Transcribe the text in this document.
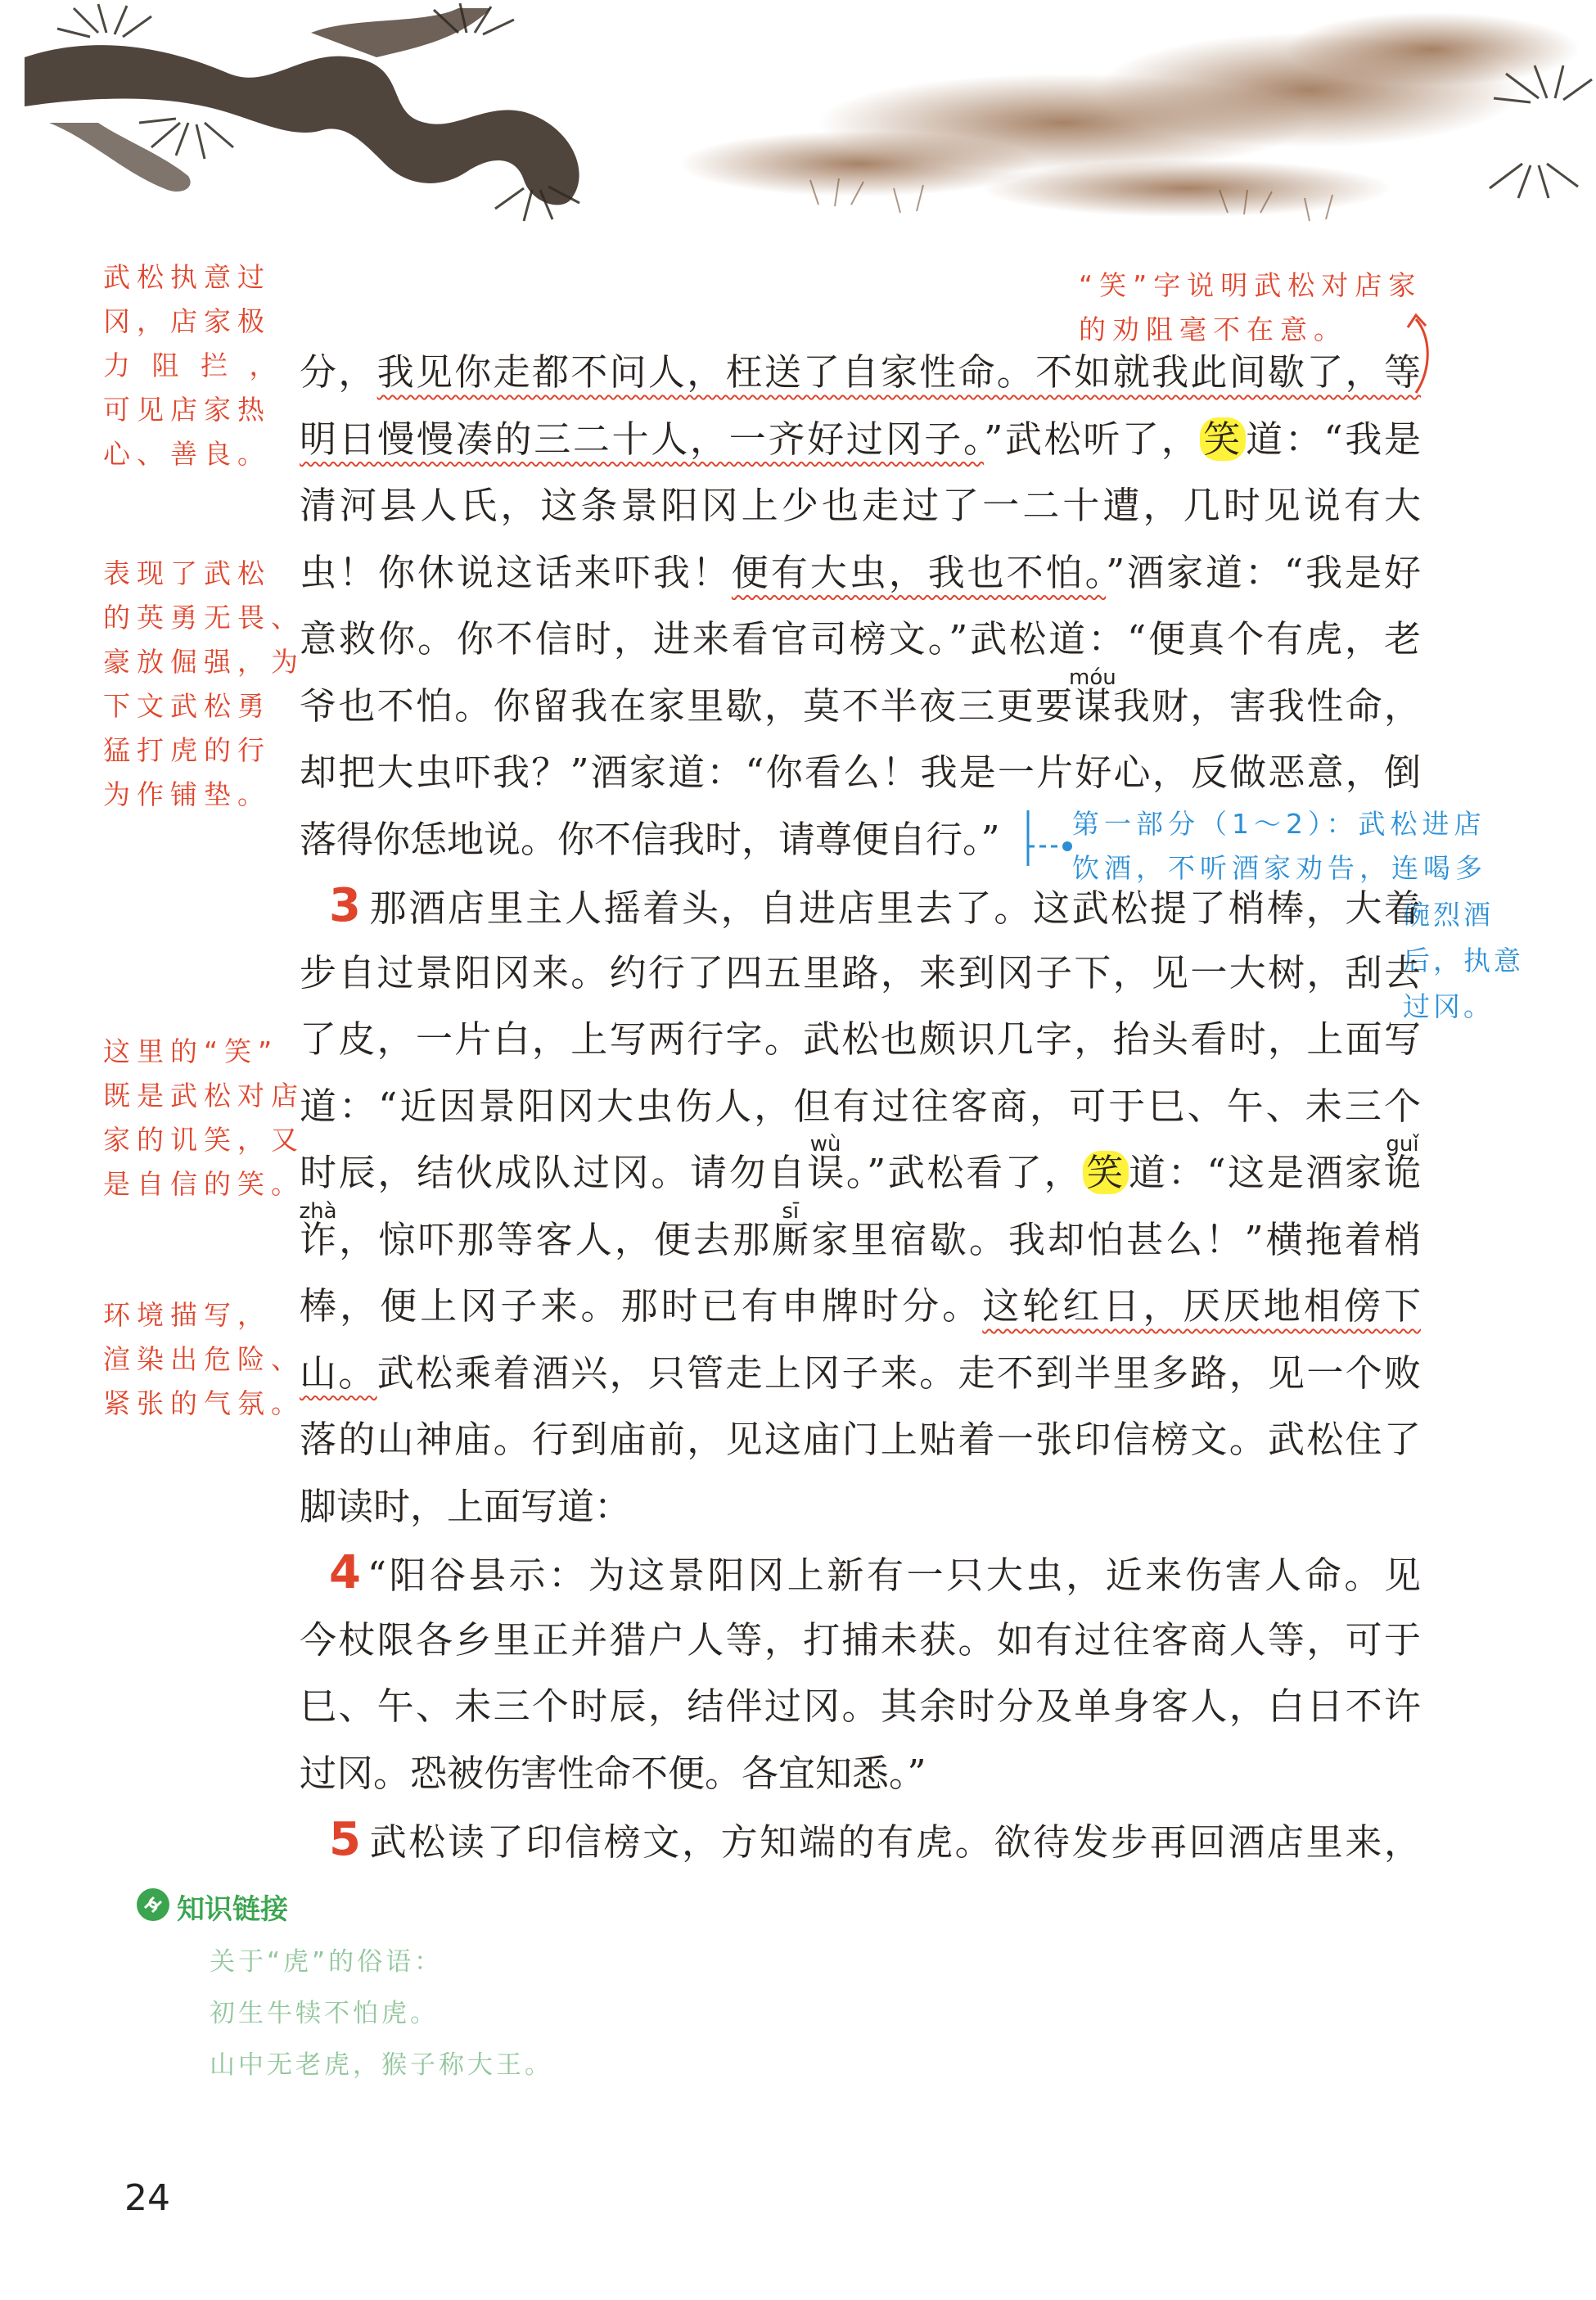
“笑”字说明武松对店家
的劝阻毫不在意。
武松执意过
冈，店家极
力 阻 拦 ，
可见店家热
心、善良。
表现了武松
的英勇无畏、
豪放倔强，为
下文武松勇
猛打虎的行
为作铺垫。
这里的“笑”
既是武松对店
家的讥笑，又
是自信的笑。
环境描写，
渲染出危险、
紧张的气氛。
第一部分（1～2）：武松进店
饮酒，不听酒家劝告，连喝多
碗烈酒
后，执意
过冈。
分，我见你走都不问人，枉送了自家性命。不如就我此间歇了，等
明日慢慢凑的三二十人，一齐好过冈子。”武松听了，笑道：“我是
清河县人氏，这条景阳冈上少也走过了一二十遭，几时见说有大
虫！你休说这话来吓我！便有大虫，我也不怕。”酒家道：“我是好
意救你。你不信时，进来看官司榜文。”武松道：“便真个有虎，老
爷也不怕。你留我在家里歇，莫不半夜三更要
móu
谋我财，害我性命，
却把大虫吓我？”酒家道：“你看么！我是一片好心，反做恶意，倒
落得你恁地说。你不信我时，请尊便自行。”
3 那酒店里主人摇着头，自进店里去了。这武松提了梢棒，大着
步自过景阳冈来。约行了四五里路，来到冈子下，见一大树，刮去
了皮，一片白，上写两行字。武松也颇识几字，抬头看时，上面写
道：“近因景阳冈大虫伤人，但有过往客商，可于巳、午、未三个
时辰，结伙成队过冈。请勿自
wù
误。”武松看了，笑道：“这是酒家
guǐ
诡
zhà
诈，惊吓那等客人，便去那
sī
厮家里宿歇。我却怕甚么！”横拖着梢
棒，便上冈子来。那时已有申牌时分。这轮红日，厌厌地相傍下
山。武松乘着酒兴，只管走上冈子来。走不到半里多路，见一个败
落的山神庙。行到庙前，见这庙门上贴着一张印信榜文。武松住了
脚读时，上面写道：
4 “阳谷县示：为这景阳冈上新有一只大虫，近来伤害人命。见
今杖限各乡里正并猎户人等，打捕未获。如有过往客商人等，可于
巳、午、未三个时辰，结伴过冈。其余时分及单身客人，白日不许
过冈。恐被伤害性命不便。各宜知悉。”
5 武松读了印信榜文，方知端的有虎。欲待发步再回酒店里来，
知识链接
关于“虎”的俗语：
初生牛犊不怕虎。
山中无老虎，猴子称大王。
24
